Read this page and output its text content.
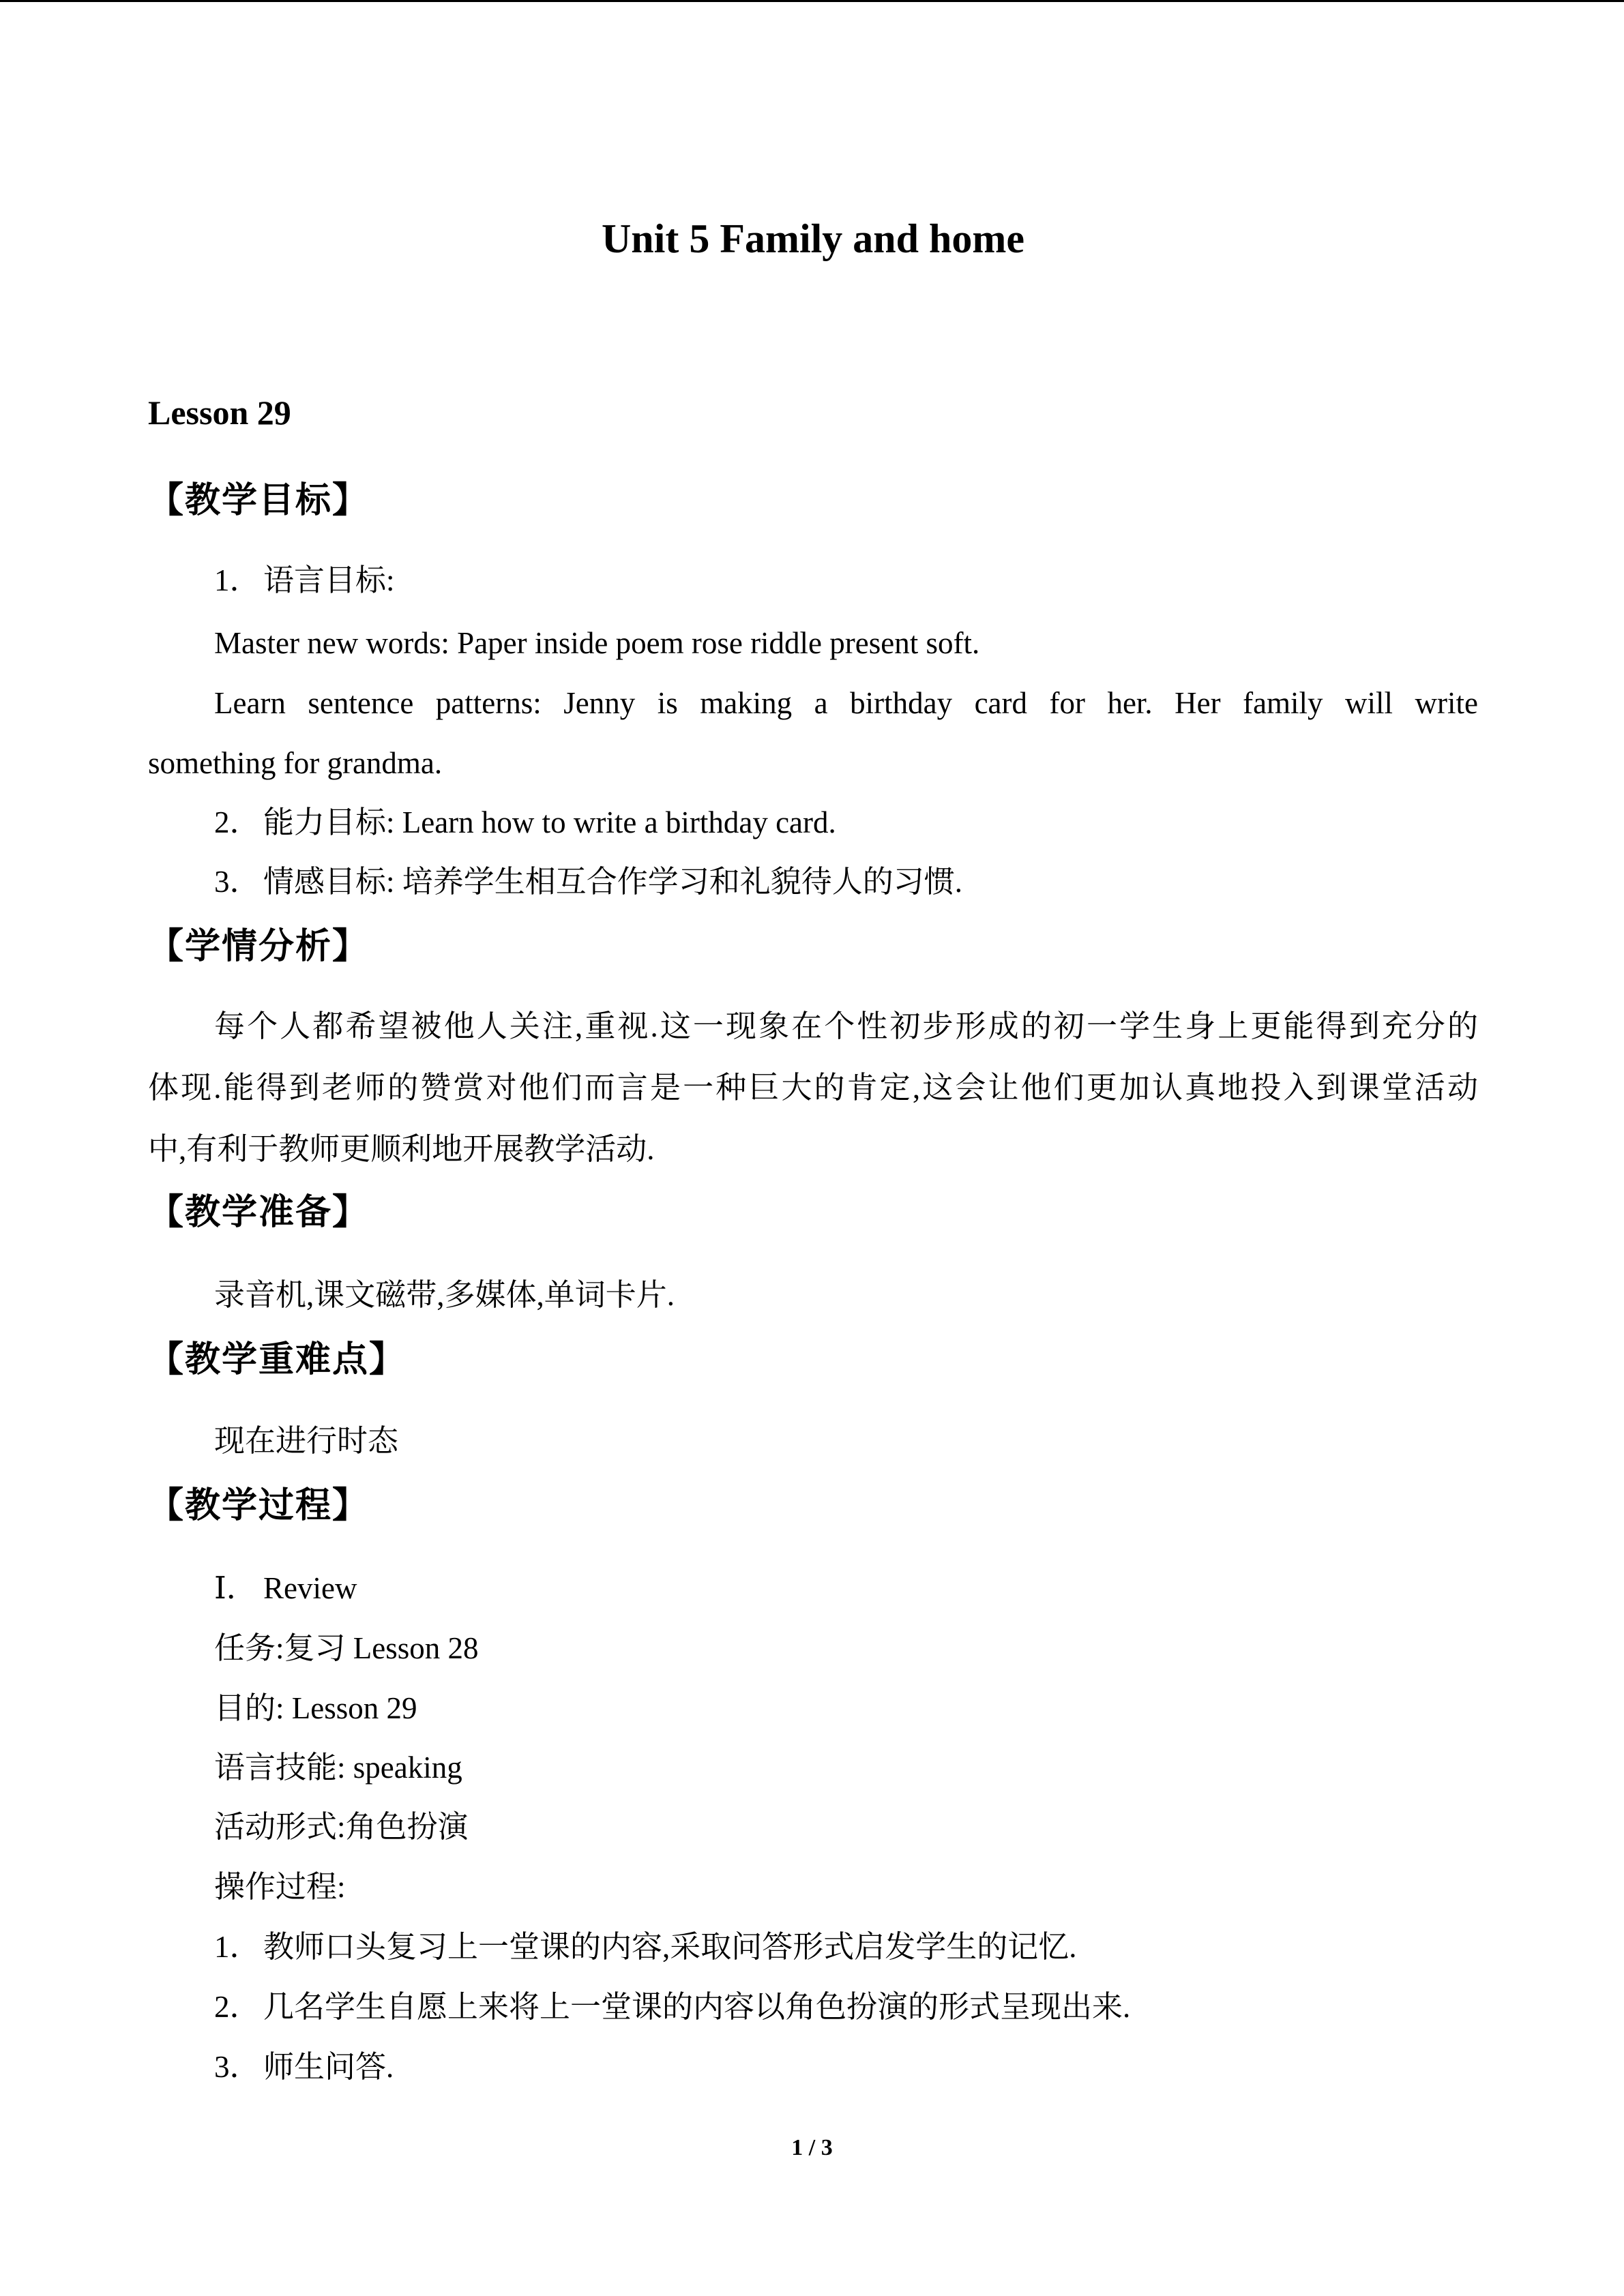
Unit 5 Family and home
Lesson 29
【教学目标】
1．语言目标:
Master new words: Paper inside poem rose riddle present soft.
Learn sentence patterns: Jenny is making a birthday card for her. Her family will write
something for grandma.
2．能力目标: Learn how to write a birthday card.
3．情感目标: 培养学生相互合作学习和礼貌待人的习惯.
【学情分析】
每个人都希望被他人关注,重视.这一现象在个性初步形成的初一学生身上更能得到充分的
体现.能得到老师的赞赏对他们而言是一种巨大的肯定,这会让他们更加认真地投入到课堂活动
中,有利于教师更顺利地开展教学活动.
【教学准备】
录音机,课文磁带,多媒体,单词卡片.
【教学重难点】
现在进行时态
【教学过程】
Ⅰ． Review
任务:复习 Lesson 28
目的: Lesson 29
语言技能: speaking
活动形式:角色扮演
操作过程:
1．教师口头复习上一堂课的内容,采取问答形式启发学生的记忆.
2．几名学生自愿上来将上一堂课的内容以角色扮演的形式呈现出来.
3．师生问答.
1 / 3
